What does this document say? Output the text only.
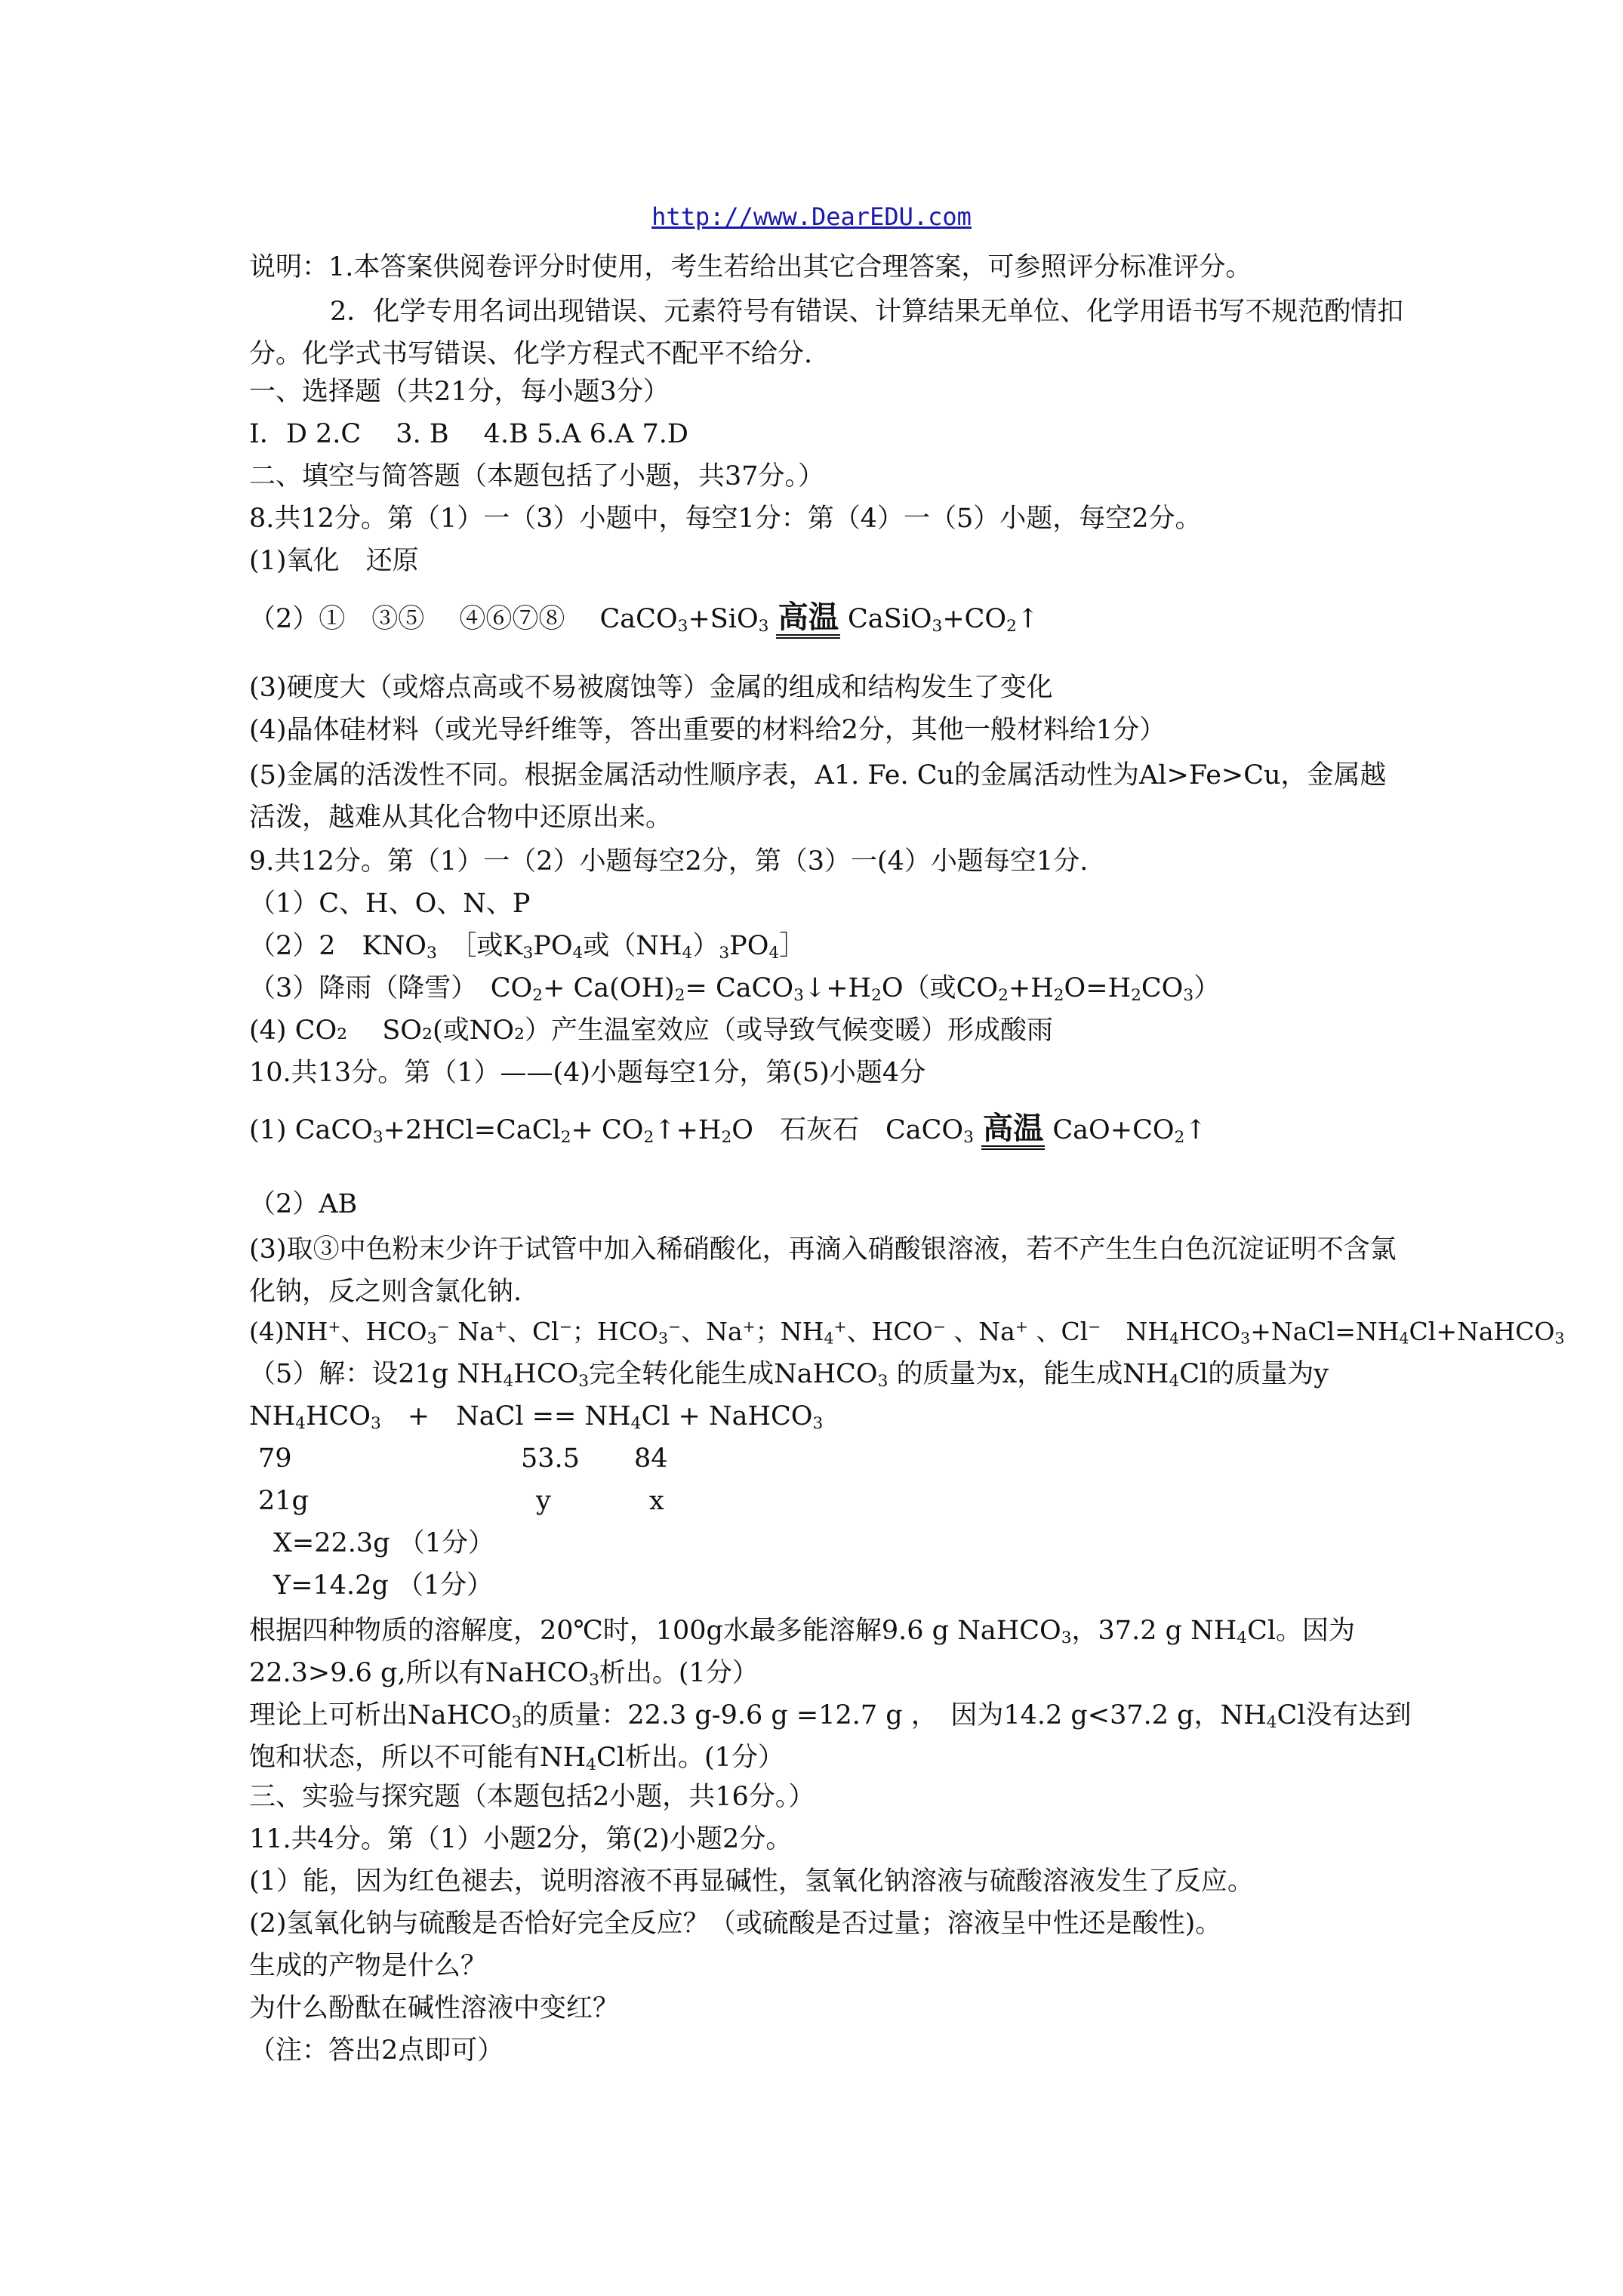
http://www.DearEDU.com
说明：1.本答案供阅卷评分时使用，考生若给出其它合理答案，可参照评分标准评分。
2．化学专用名词出现错误、元素符号有错误、计算结果无单位、化学用语书写不规范酌情扣分。化学式书写错误、化学方程式不配平不给分.
一、选择题（共21分，每小题3分）
I．D 2.C　 3. B　 4.B 5.A 6.A 7.D
二、填空与简答题（本题包括了小题，共37分。）
8.共12分。第（1）一（3）小题中，每空1分：第（4）一（5）小题，每空2分。
(1)氧化　还原
（2）①　③⑤　 ④⑥⑦⑧　 CaCO$_3$+SiO$_3$ 高温 $CaSiO_3+CO_2↑$
(3)硬度大（或熔点高或不易被腐蚀等）金属的组成和结构发生了变化
(4)晶体硅材料（或光导纤维等，答出重要的材料给2分，其他一般材料给1分）
(5)金属的活泼性不同。根据金属活动性顺序表，A1. Fe. Cu的金属活动性为Al>Fe>Cu，金属越活泼，越难从其化合物中还原出来。
9.共12分。第（1）一（2）小题每空2分，第（3）一(4）小题每空1分.
（1）C、H、O、N、P
（2）2　$KNO_3$　［或$K_3PO_4$或$(NH_4)_3PO_4]$
（3）降雨（降雪）　$CO_2+ Ca(OH)_2=$ $CaCO_3↓+H_2O$（或$CO_2+H_2O=H_2CO_3$）
(4) CO₂　 SO₂(或NO₂）产生温室效应（或导致气候变暖）形成酸雨
10.共13分。第（1）——(4)小题每空1分，第(5)小题4分
(1) CaCO$_3$+2HCl=CaCl$_2$+ $CO_2↑+H_2O$　石灰石　CaCO$_3$ 高温 $CaO+CO_2↑$
（2）AB
(3)取③中色粉末少许于试管中加入稀硝酸化，再滴入硝酸银溶液，若不产生生白色沉淀证明不含氯化钠，反之则含氯化钠.
(4)NH+、$HCO_3^-$ Na+、Cl−；$HCO_3^-$、Na+；$NH_4^+$、HCO− 、Na+ 、Cl−　$NH_4HCO_3+NaCl=NH_4Cl+NaHCO_3$
（5）解：设21g $NH_4HCO_3$完全转化能生成NaHCO$_3$ 的质量为x，能生成$NH_4Cl$的质量为y
$NH_4HCO_3$　+　NaCl == $NH_4Cl$ + NaHCO$_3$
79	53.5 84
21g	y	x
X=22.3g （1分）
Y=14.2g （1分）
根据四种物质的溶解度，20℃时，100g水最多能溶解9.6 g NaHCO$_3$，37.2 g $NH_4Cl$。因为22.3>9.6 g,所以有NaHCO$_3$析出。(1分）
理论上可析出NaHCO$_3$的质量：22.3 g-9.6 g =12.7 g ，　因为14.2 g<37.2 g，$NH_4Cl$没有达到饱和状态，所以不可能有$NH_4Cl$析出。(1分）
三、实验与探究题（本题包括2小题，共16分。）
11.共4分。第（1）小题2分，第(2)小题2分。
(1）能，因为红色褪去，说明溶液不再显碱性，氢氧化钠溶液与硫酸溶液发生了反应。
(2)氢氧化钠与硫酸是否恰好完全反应？（或硫酸是否过量；溶液呈中性还是酸性)。
生成的产物是什么？
为什么酚酞在碱性溶液中变红？
（注：答出2点即可）
